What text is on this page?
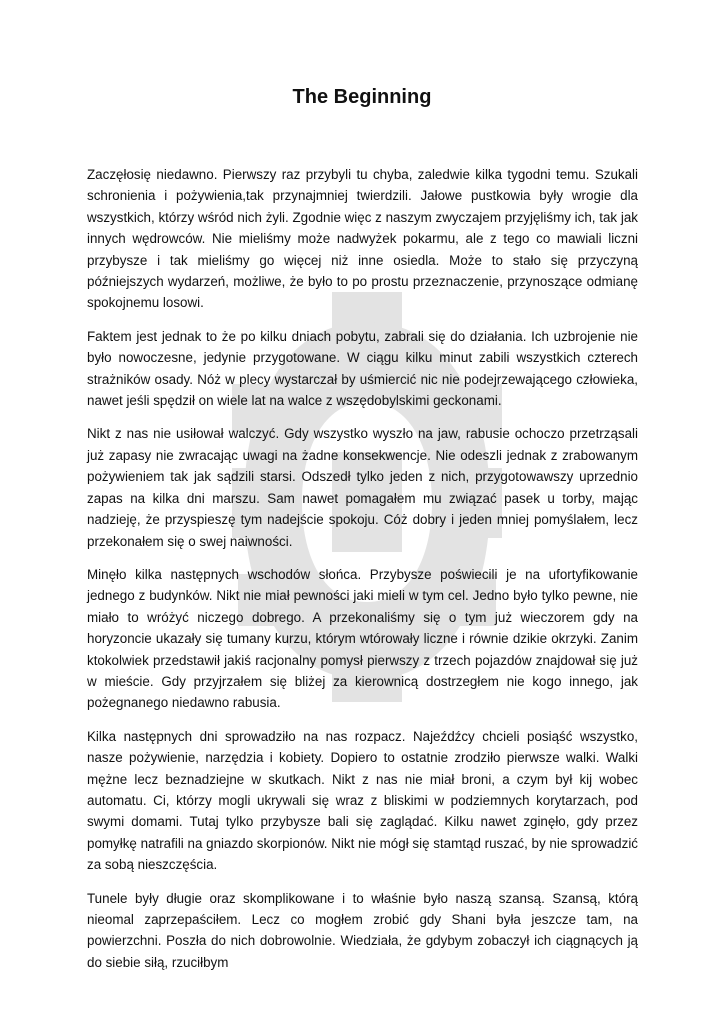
The Beginning

Zaczęłosię niedawno. Pierwszy raz przybyli tu chyba, zaledwie kilka tygodni temu. Szukali schronienia i pożywienia,tak przynajmniej twierdzili. Jałowe pustkowia były wrogie dla wszystkich, którzy wśród nich żyli. Zgodnie więc z naszym zwyczajem przyjęliśmy ich, tak jak innych wędrowców. Nie mieliśmy może nadwyżek pokarmu, ale z tego co mawiali liczni przybysze i tak mieliśmy go więcej niż inne osiedla. Może to stało się przyczyną późniejszych wydarzeń, możliwe, że było to po prostu przeznaczenie, przynoszące odmianę spokojnemu losowi.

Faktem jest jednak to że po kilku dniach pobytu, zabrali się do działania. Ich uzbrojenie nie było nowoczesne, jedynie przygotowane. W ciągu kilku minut zabili wszystkich czterech strażników osady. Nóż w plecy wystarczał by uśmiercić nic nie podejrzewającego człowieka, nawet jeśli spędził on wiele lat na walce z wszędobylskimi geckonami.

Nikt z nas nie usiłował walczyć. Gdy wszystko wyszło na jaw, rabusie ochoczo przetrząsali już zapasy nie zwracając uwagi na żadne konsekwencje. Nie odeszli jednak z zrabowanym pożywieniem tak jak sądzili starsi. Odszedł tylko jeden z nich, przygotowawszy uprzednio zapas na kilka dni marszu. Sam nawet pomagałem mu związać pasek u torby, mając nadzieję, że przyspieszę tym nadejście spokoju. Cóż dobry i jeden mniej pomyślałem, lecz przekonałem się o swej naiwności.

Minęło kilka następnych wschodów słońca. Przybysze poświecili je na ufortyfikowanie jednego z budynków. Nikt nie miał pewności jaki mieli w tym cel. Jedno było tylko pewne, nie miało to wróżyć niczego dobrego. A przekonaliśmy się o tym już wieczorem gdy na horyzoncie ukazały się tumany kurzu, którym wtórowały liczne i równie dzikie okrzyki. Zanim ktokolwiek przedstawił jakiś racjonalny pomysł pierwszy z trzech pojazdów znajdował się już w mieście. Gdy przyjrzałem się bliżej za kierownicą dostrzegłem nie kogo innego, jak pożegnanego niedawno rabusia.

Kilka następnych dni sprowadziło na nas rozpacz. Najeźdźcy chcieli posiąść wszystko, nasze pożywienie, narzędzia i kobiety. Dopiero to ostatnie zrodziło pierwsze walki. Walki mężne lecz beznadziejne w skutkach. Nikt z nas nie miał broni, a czym był kij wobec automatu. Ci, którzy mogli ukrywali się wraz z bliskimi w podziemnych korytarzach, pod swymi domami. Tutaj tylko przybysze bali się zaglądać. Kilku nawet zginęło, gdy przez pomyłkę natrafili na gniazdo skorpionów. Nikt nie mógł się stamtąd ruszać, by nie sprowadzić za sobą nieszczęścia.

Tunele były długie oraz skomplikowane i to właśnie było naszą szansą. Szansą, którą nieomal zaprzepaściłem. Lecz co mogłem zrobić gdy Shani była jeszcze tam, na powierzchni. Poszła do nich dobrowolnie. Wiedziała, że gdybym zobaczył ich ciągnących ją do siebie siłą, rzuciłbym
